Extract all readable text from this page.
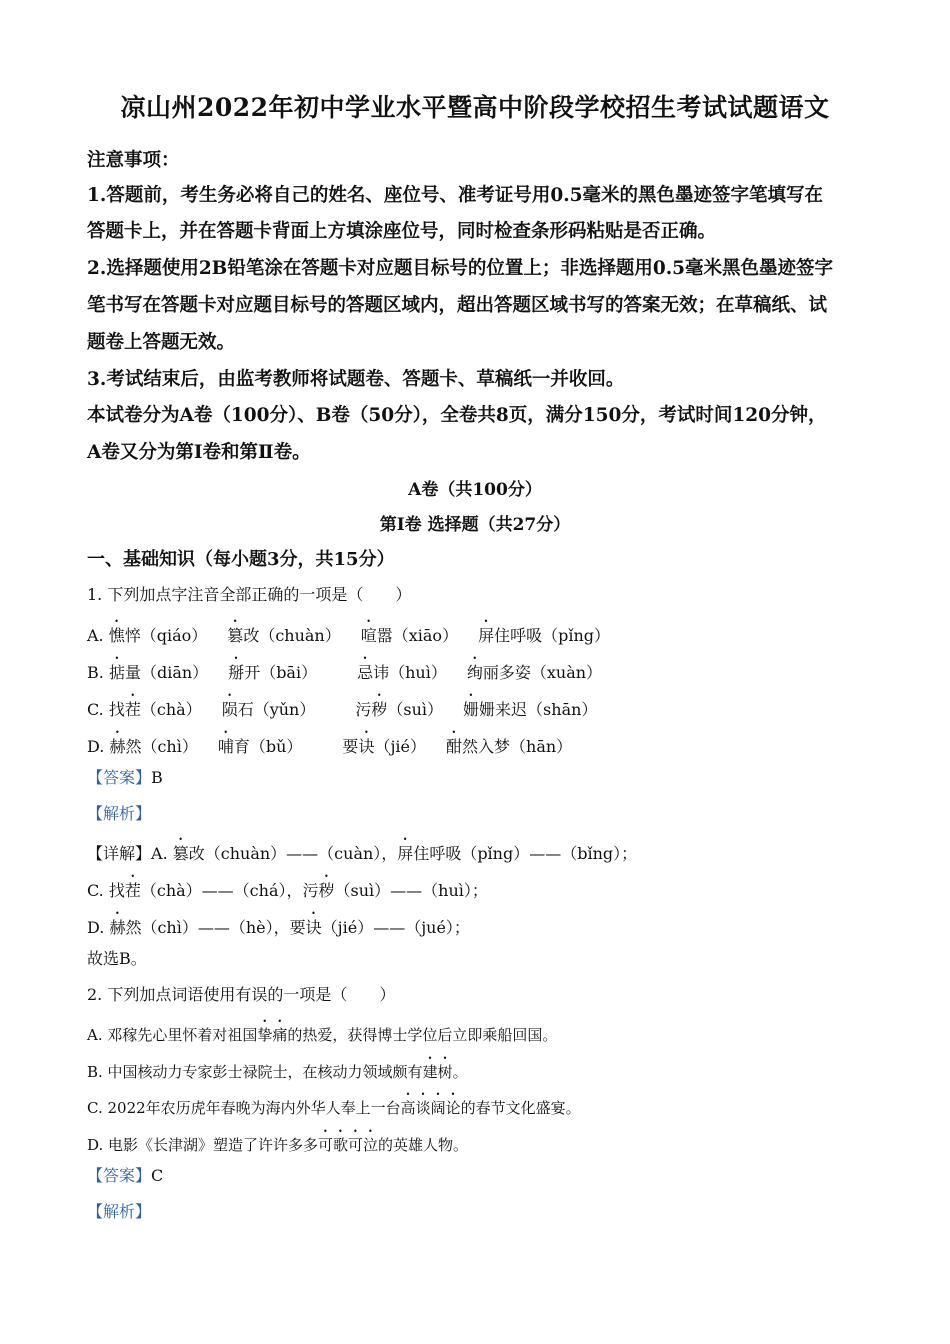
凉山州2022年初中学业水平暨高中阶段学校招生考试试题语文
注意事项：
1.答题前，考生务必将自己的姓名、座位号、准考证号用0.5毫米的黑色墨迹签字笔填写在
答题卡上，并在答题卡背面上方填涂座位号，同时检查条形码粘贴是否正确。
2.选择题使用2B铅笔涂在答题卡对应题目标号的位置上；非选择题用0.5毫米黑色墨迹签字
笔书写在答题卡对应题目标号的答题区域内，超出答题区域书写的答案无效；在草稿纸、试
题卷上答题无效。
3.考试结束后，由监考教师将试题卷、答题卡、草稿纸一并收回。
本试卷分为A卷（100分）、B卷（50分），全卷共8页，满分150分，考试时间120分钟，
A卷又分为第Ⅰ卷和第Ⅱ卷。
A卷（共100分）
第Ⅰ卷 选择题（共27分）
一、基础知识（每小题3分，共15分）
1. 下列加点字注音全部正确的一项是（ ）
A. 憔悴（qiáo） 篡改（chuàn） 喧嚣（xiāo） 屏住呼吸（pǐng）
B. 掂量（diān） 掰开（bāi）	忌讳（huì） 绚丽多姿（xuàn）
C. 找茬（chà） 陨石（yǔn）	污秽（suì） 姗姗来迟（shān）
D. 赫然（chì） 哺育（bǔ）	要诀（jié） 酣然入梦（hān）
【答案】B
【解析】
【详解】A. 篡改（chuàn）——（cuàn），屏住呼吸（pǐng）——（bǐng）；
C. 找茬（chà）——（chá），污秽（suì）——（huì）；
D. 赫然（chì）——（hè），要诀（jié）——（jué）；
故选B。
2. 下列加点词语使用有误的一项是（ ）
A. 邓稼先心里怀着对祖国挚痛的热爱，获得博士学位后立即乘船回国。
B. 中国核动力专家彭士禄院士，在核动力领域颇有建树。
C. 2022年农历虎年春晚为海内外华人奉上一台高谈阔论的春节文化盛宴。
D. 电影《长津湖》塑造了许许多多可歌可泣的英雄人物。
【答案】C
【解析】
